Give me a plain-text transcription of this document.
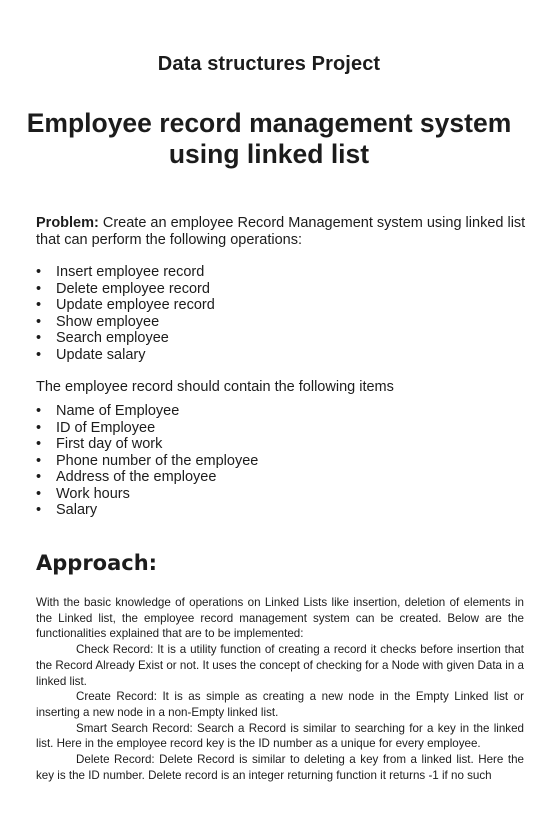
Data structures Project
Employee record management system using linked list
Problem: Create an employee Record Management system using linked list that can perform the following operations:
• Insert employee record
• Delete employee record
• Update employee record
• Show employee
• Search employee
• Update salary
The employee record should contain the following items
• Name of Employee
• ID of Employee
• First day of work
• Phone number of the employee
• Address of the employee
• Work hours
• Salary
Approach:

With the basic knowledge of operations on Linked Lists like insertion, deletion of elements in the Linked list, the employee record management system can be created. Below are the functionalities explained that are to be implemented:

Check Record: It is a utility function of creating a record it checks before insertion that the Record Already Exist or not. It uses the concept of checking for a Node with given Data in a linked list.

Create Record: It is as simple as creating a new node in the Empty Linked list or inserting a new node in a non-Empty linked list.

Smart Search Record: Search a Record is similar to searching for a key in the linked list. Here in the employee record key is the ID number as a unique for every employee.

Delete Record: Delete Record is similar to deleting a key from a linked list. Here the key is the ID number. Delete record is an integer returning function it returns -1 if no such
